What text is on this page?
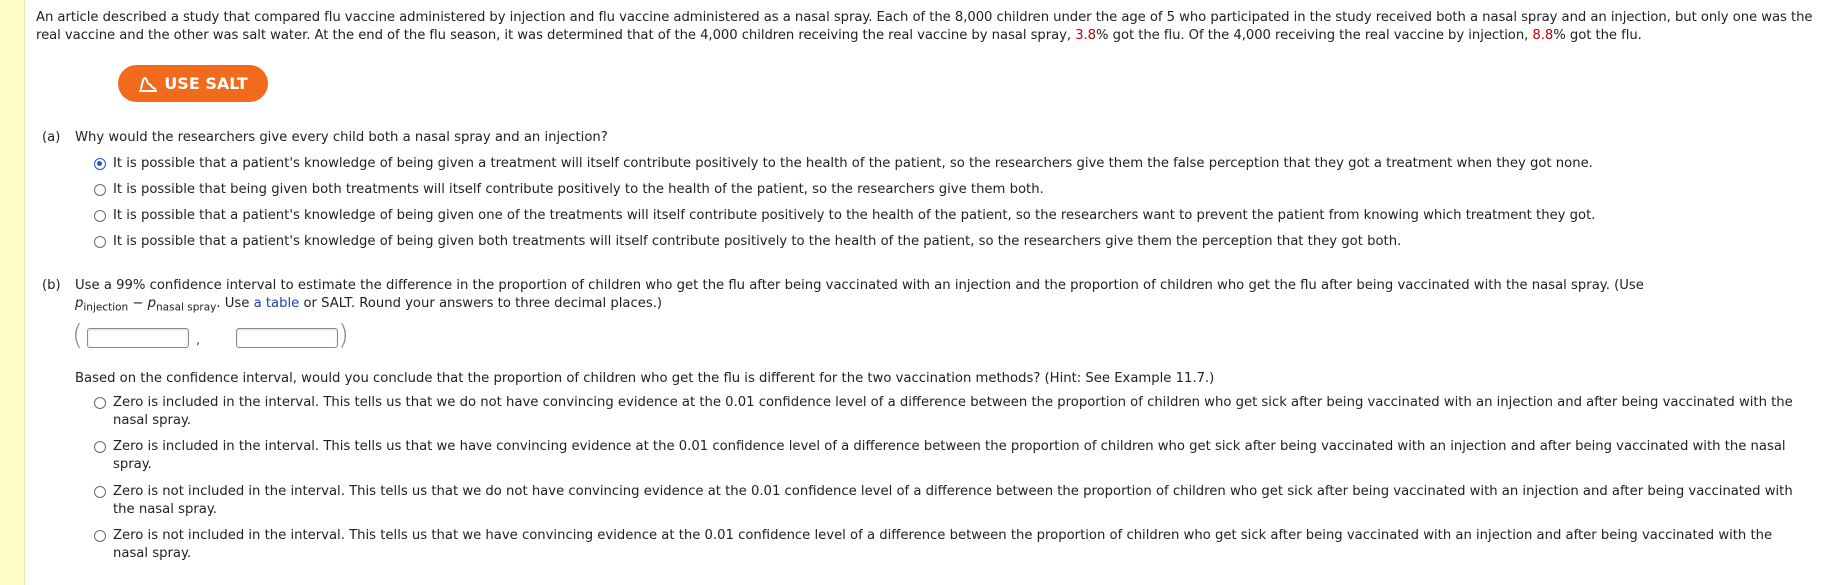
An article described a study that compared flu vaccine administered by injection and flu vaccine administered as a nasal spray. Each of the 8,000 children under the age of 5 who participated in the study received both a nasal spray and an injection, but only one was the real vaccine and the other was salt water. At the end of the flu season, it was determined that of the 4,000 children receiving the real vaccine by nasal spray, 3.8% got the flu. Of the 4,000 receiving the real vaccine by injection, 8.8% got the flu.
USE SALT
(a) Why would the researchers give every child both a nasal spray and an injection?
It is possible that a patient's knowledge of being given a treatment will itself contribute positively to the health of the patient, so the researchers give them the false perception that they got a treatment when they got none.
It is possible that being given both treatments will itself contribute positively to the health of the patient, so the researchers give them both.
It is possible that a patient's knowledge of being given one of the treatments will itself contribute positively to the health of the patient, so the researchers want to prevent the patient from knowing which treatment they got.
It is possible that a patient's knowledge of being given both treatments will itself contribute positively to the health of the patient, so the researchers give them the perception that they got both.
(b) Use a 99% confidence interval to estimate the difference in the proportion of children who get the flu after being vaccinated with an injection and the proportion of children who get the flu after being vaccinated with the nasal spray. (Use
$p_{injection} - p_{nasal spray}$. Use a table or SALT. Round your answers to three decimal places.)
(	,	)
Based on the confidence interval, would you conclude that the proportion of children who get the flu is different for the two vaccination methods? (Hint: See Example 11.7.)
Zero is included in the interval. This tells us that we do not have convincing evidence at the 0.01 confidence level of a difference between the proportion of children who get sick after being vaccinated with an injection and after being vaccinated with the
nasal spray.
Zero is included in the interval. This tells us that we have convincing evidence at the 0.01 confidence level of a difference between the proportion of children who get sick after being vaccinated with an injection and after being vaccinated with the nasal
spray.
Zero is not included in the interval. This tells us that we do not have convincing evidence at the 0.01 confidence level of a difference between the proportion of children who get sick after being vaccinated with an injection and after being vaccinated with
the nasal spray.
Zero is not included in the interval. This tells us that we have convincing evidence at the 0.01 confidence level of a difference between the proportion of children who get sick after being vaccinated with an injection and after being vaccinated with the
nasal spray.
